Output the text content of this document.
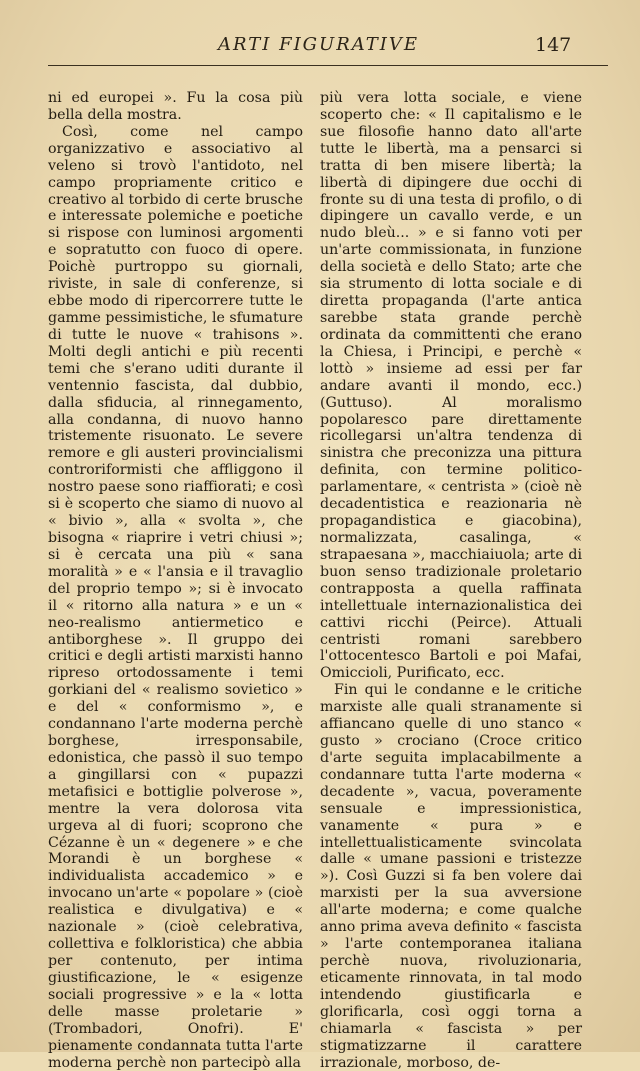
ARTI FIGURATIVE	147

ni ed europei ». Fu la cosa più bella della mostra.

Così, come nel campo organizzativo e associativo al veleno si trovò l'antidoto, nel campo propriamente critico e creativo al torbido di certe brusche e interessate polemiche e poetiche si rispose con luminosi argomenti e sopratutto con fuoco di opere. Poichè purtroppo su giornali, riviste, in sale di conferenze, si ebbe modo di ripercorrere tutte le gamme pessimistiche, le sfumature di tutte le nuove « trahisons ». Molti degli antichi e più recenti temi che s'erano uditi durante il ventennio fascista, dal dubbio, dalla sfiducia, al rinnegamento, alla condanna, di nuovo hanno tristemente risuonato. Le severe remore e gli austeri provincialismi controriformisti che affliggono il nostro paese sono riaffiorati; e così si è scoperto che siamo di nuovo al « bivio », alla « svolta », che bisogna « riaprire i vetri chiusi »; si è cercata una più « sana moralità » e « l'ansia e il travaglio del proprio tempo »; si è invocato il « ritorno alla natura » e un « neo-realismo antiermetico e antiborghese ». Il gruppo dei critici e degli artisti marxisti hanno ripreso ortodossamente i temi gorkiani del « realismo sovietico » e del « conformismo », e condannano l'arte moderna perchè borghese, irresponsabile, edonistica, che passò il suo tempo a gingillarsi con « pupazzi metafisici e bottiglie polverose », mentre la vera dolorosa vita urgeva al di fuori; scoprono che Cézanne è un « degenere » e che Morandi è un borghese « individualista accademico » e invocano un'arte « popolare » (cioè realistica e divulgativa) e « nazionale » (cioè celebrativa, collettiva e folkloristica) che abbia per contenuto, per intima giustificazione, le « esigenze sociali progressive » e la « lotta delle masse proletarie » (Trombadori, Onofri). E' pienamente condannata tutta l'arte moderna perchè non partecipò alla

più vera lotta sociale, e viene scoperto che: « Il capitalismo e le sue filosofie hanno dato all'arte tutte le libertà, ma a pensarci si tratta di ben misere libertà; la libertà di dipingere due occhi di fronte su di una testa di profilo, o di dipingere un cavallo verde, e un nudo bleù... » e si fanno voti per un'arte commissionata, in funzione della società e dello Stato; arte che sia strumento di lotta sociale e di diretta propaganda (l'arte antica sarebbe stata grande perchè ordinata da committenti che erano la Chiesa, i Principi, e perchè « lottò » insieme ad essi per far andare avanti il mondo, ecc.) (Guttuso). Al moralismo popolaresco pare direttamente ricollegarsi un'altra tendenza di sinistra che preconizza una pittura definita, con termine politico-parlamentare, « centrista » (cioè nè decadentistica e reazionaria nè propagandistica e giacobina), normalizzata, casalinga, « strapaesana », macchiaiuola; arte di buon senso tradizionale proletario contrapposta a quella raffinata intellettuale internazionalistica dei cattivi ricchi (Peirce). Attuali centristi romani sarebbero l'ottocentesco Bartoli e poi Mafai, Omiccioli, Purificato, ecc.

Fin qui le condanne e le critiche marxiste alle quali stranamente si affiancano quelle di uno stanco « gusto » crociano (Croce critico d'arte seguita implacabilmente a condannare tutta l'arte moderna « decadente », vacua, poveramente sensuale e impressionistica, vanamente « pura » e intellettualisticamente svincolata dalle « umane passioni e tristezze »). Così Guzzi si fa ben volere dai marxisti per la sua avversione all'arte moderna; e come qualche anno prima aveva definito « fascista » l'arte contemporanea italiana perchè nuova, rivoluzionaria, eticamente rinnovata, in tal modo intendendo giustificarla e glorificarla, così oggi torna a chiamarla « fascista » per stigmatizzarne il carattere irrazionale, morboso, de-
